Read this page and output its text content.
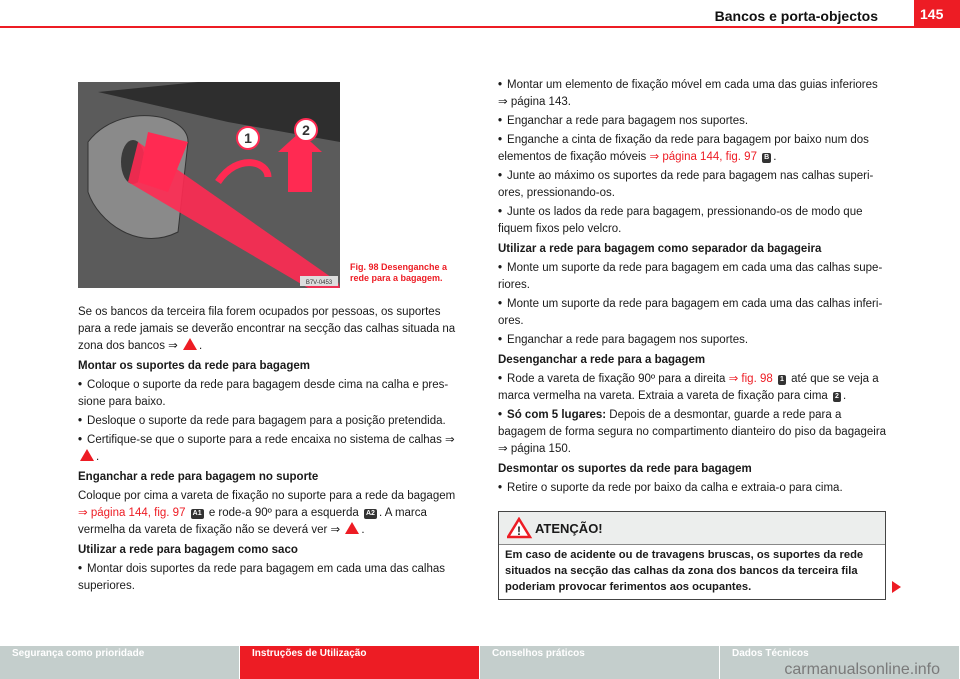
Bancos e porta-objectos	145
1	2
B7V-0453
Fig. 98 Desenganche a rede para a bagagem.

Se os bancos da terceira fila forem ocupados por pessoas, os suportes para a rede jamais se deverão encontrar na secção das calhas situada na zona dos bancos ⇒ .

Montar os suportes da rede para bagagem

• Coloque o suporte da rede para bagagem desde cima na calha e pressione para baixo.

• Desloque o suporte da rede para bagagem para a posição pretendida.

• Certifique-se que o suporte para a rede encaixa no sistema de calhas ⇒ .

Enganchar a rede para bagagem no suporte

Coloque por cima a vareta de fixação no suporte para a rede da bagagem ⇒ página 144, fig. 97 A1 e rode-a 90º para a esquerda A2 . A marca vermelha da vareta de fixação não se deverá ver ⇒ .

Utilizar a rede para bagagem como saco

• Montar dois suportes da rede para bagagem em cada uma das calhas superiores.

• Montar um elemento de fixação móvel em cada uma das guias inferiores ⇒ página 143.

• Enganchar a rede para bagagem nos suportes.

• Enganche a cinta de fixação da rede para bagagem por baixo num dos elementos de fixação móveis ⇒ página 144, fig. 97 B .

• Junte ao máximo os suportes da rede para bagagem nas calhas superiores, pressionando-os.

• Junte os lados da rede para bagagem, pressionando-os de modo que fiquem fixos pelo velcro.

Utilizar a rede para bagagem como separador da bagageira

• Monte um suporte da rede para bagagem em cada uma das calhas superiores.

• Monte um suporte da rede para bagagem em cada uma das calhas inferiores.

• Enganchar a rede para bagagem nos suportes.

Desenganchar a rede para a bagagem

• Rode a vareta de fixação 90º para a direita ⇒ fig. 98 1 até que se veja a marca vermelha na vareta. Extraia a vareta de fixação para cima 2 .

• Só com 5 lugares: Depois de a desmontar, guarde a rede para a bagagem de forma segura no compartimento dianteiro do piso da bagageira ⇒ página 150.

Desmontar os suportes da rede para bagagem

• Retire o suporte da rede por baixo da calha e extraia-o para cima.

! ATENÇÃO!
Em caso de acidente ou de travagens bruscas, os suportes da rede situados na secção das calhas da zona dos bancos da terceira fila poderiam provocar ferimentos aos ocupantes.
Segurança como prioridade	Instruções de Utilização	Conselhos práticos	Dados Técnicos
carmanualsonline.info
